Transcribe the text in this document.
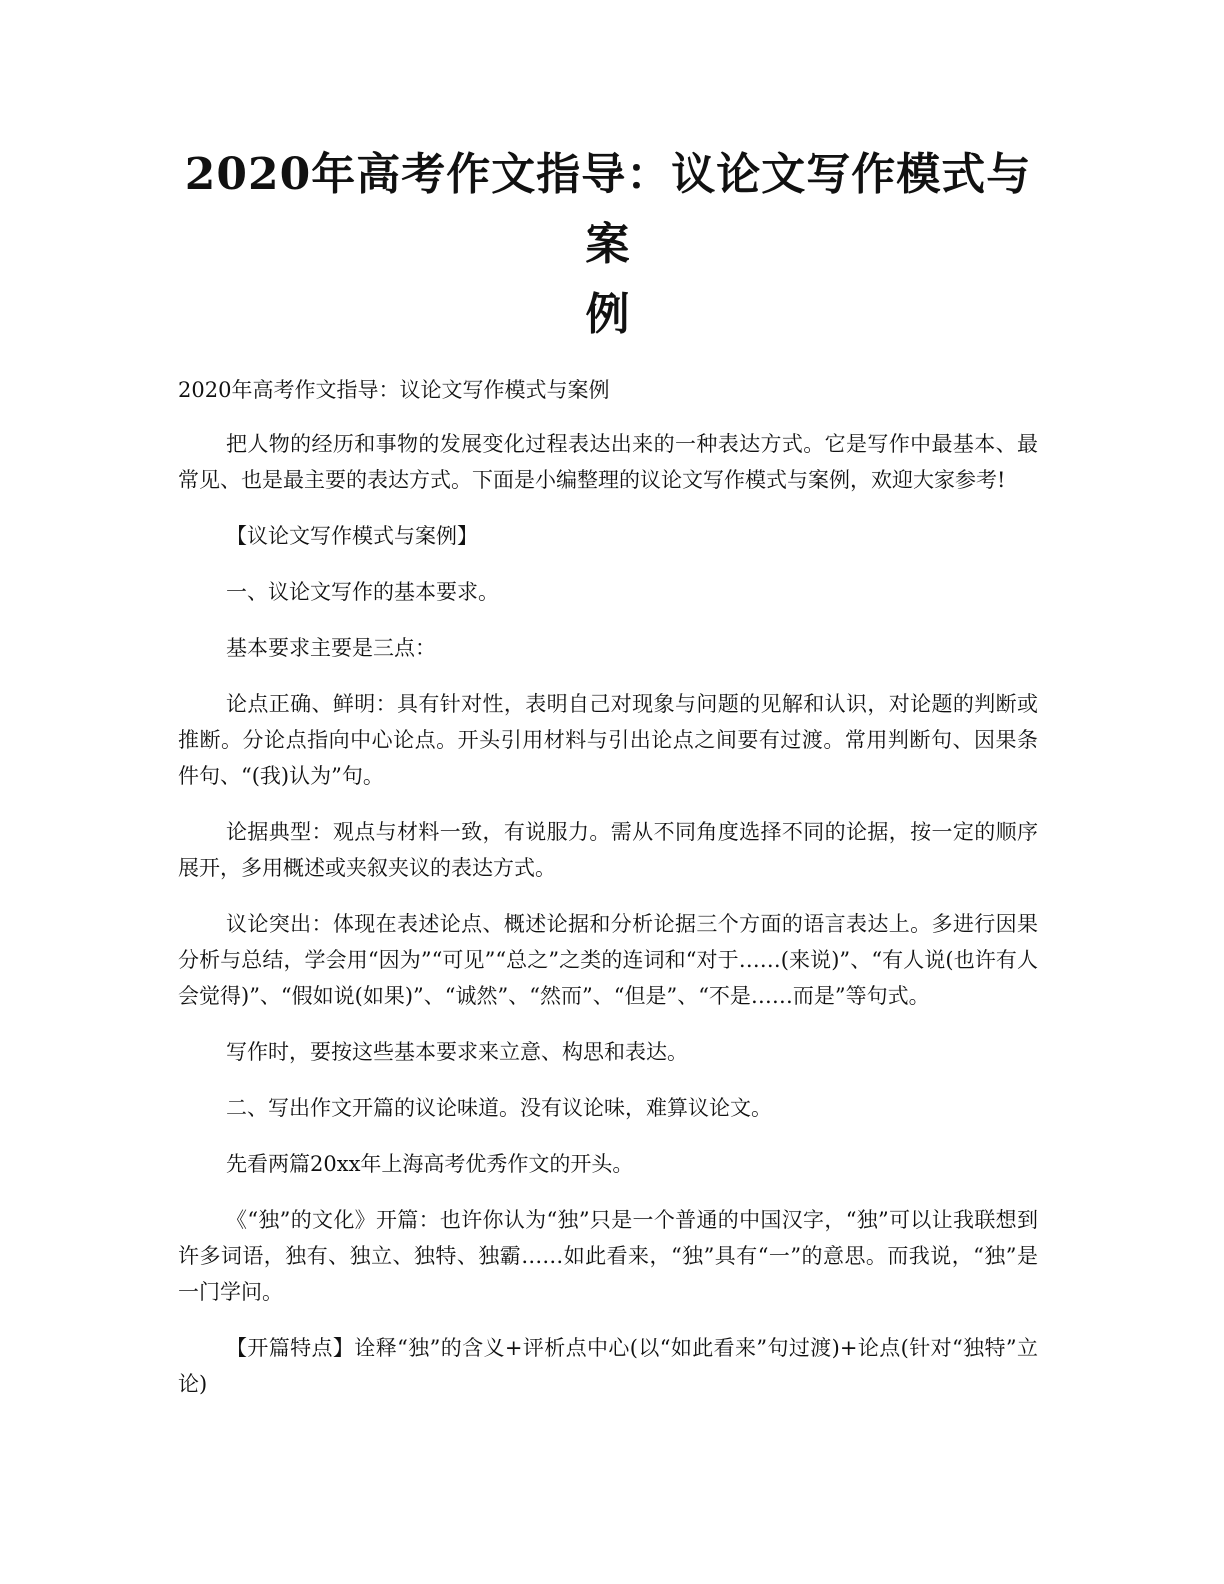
2020年高考作文指导：议论文写作模式与案
例

2020年高考作文指导：议论文写作模式与案例

把人物的经历和事物的发展变化过程表达出来的一种表达方式。它是写作中最基本、最常见、也是最主要的表达方式。下面是小编整理的议论文写作模式与案例，欢迎大家参考!

【议论文写作模式与案例】

一、议论文写作的基本要求。

基本要求主要是三点：

论点正确、鲜明：具有针对性，表明自己对现象与问题的见解和认识，对论题的判断或推断。分论点指向中心论点。开头引用材料与引出论点之间要有过渡。常用判断句、因果条件句、“(我)认为”句。

论据典型：观点与材料一致，有说服力。需从不同角度选择不同的论据，按一定的顺序展开，多用概述或夹叙夹议的表达方式。

议论突出：体现在表述论点、概述论据和分析论据三个方面的语言表达上。多进行因果分析与总结，学会用“因为”“可见”“总之”之类的连词和“对于……(来说)”、“有人说(也许有人会觉得)”、“假如说(如果)”、“诚然”、“然而”、“但是”、“不是……而是”等句式。

写作时，要按这些基本要求来立意、构思和表达。

二、写出作文开篇的议论味道。没有议论味，难算议论文。

先看两篇20xx年上海高考优秀作文的开头。

《“独”的文化》开篇：也许你认为“独”只是一个普通的中国汉字，“独”可以让我联想到许多词语，独有、独立、独特、独霸……如此看来，“独”具有“一”的意思。而我说，“独”是一门学问。

【开篇特点】诠释“独”的含义+评析点中心(以“如此看来”句过渡)+论点(针对“独特”立论)
